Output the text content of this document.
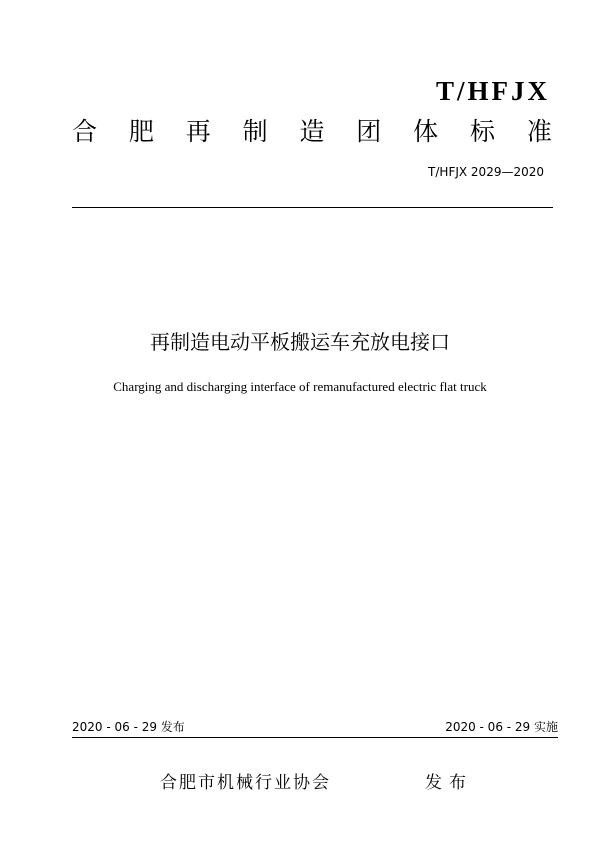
T/HFJX
合 肥 再 制 造 团 体 标 准
T/HFJX 2029—2020
再制造电动平板搬运车充放电接口
Charging and discharging interface of remanufactured electric flat truck
2020 - 06 - 29 发布	2020 - 06 - 29 实施
合肥市机械行业协会	发布
